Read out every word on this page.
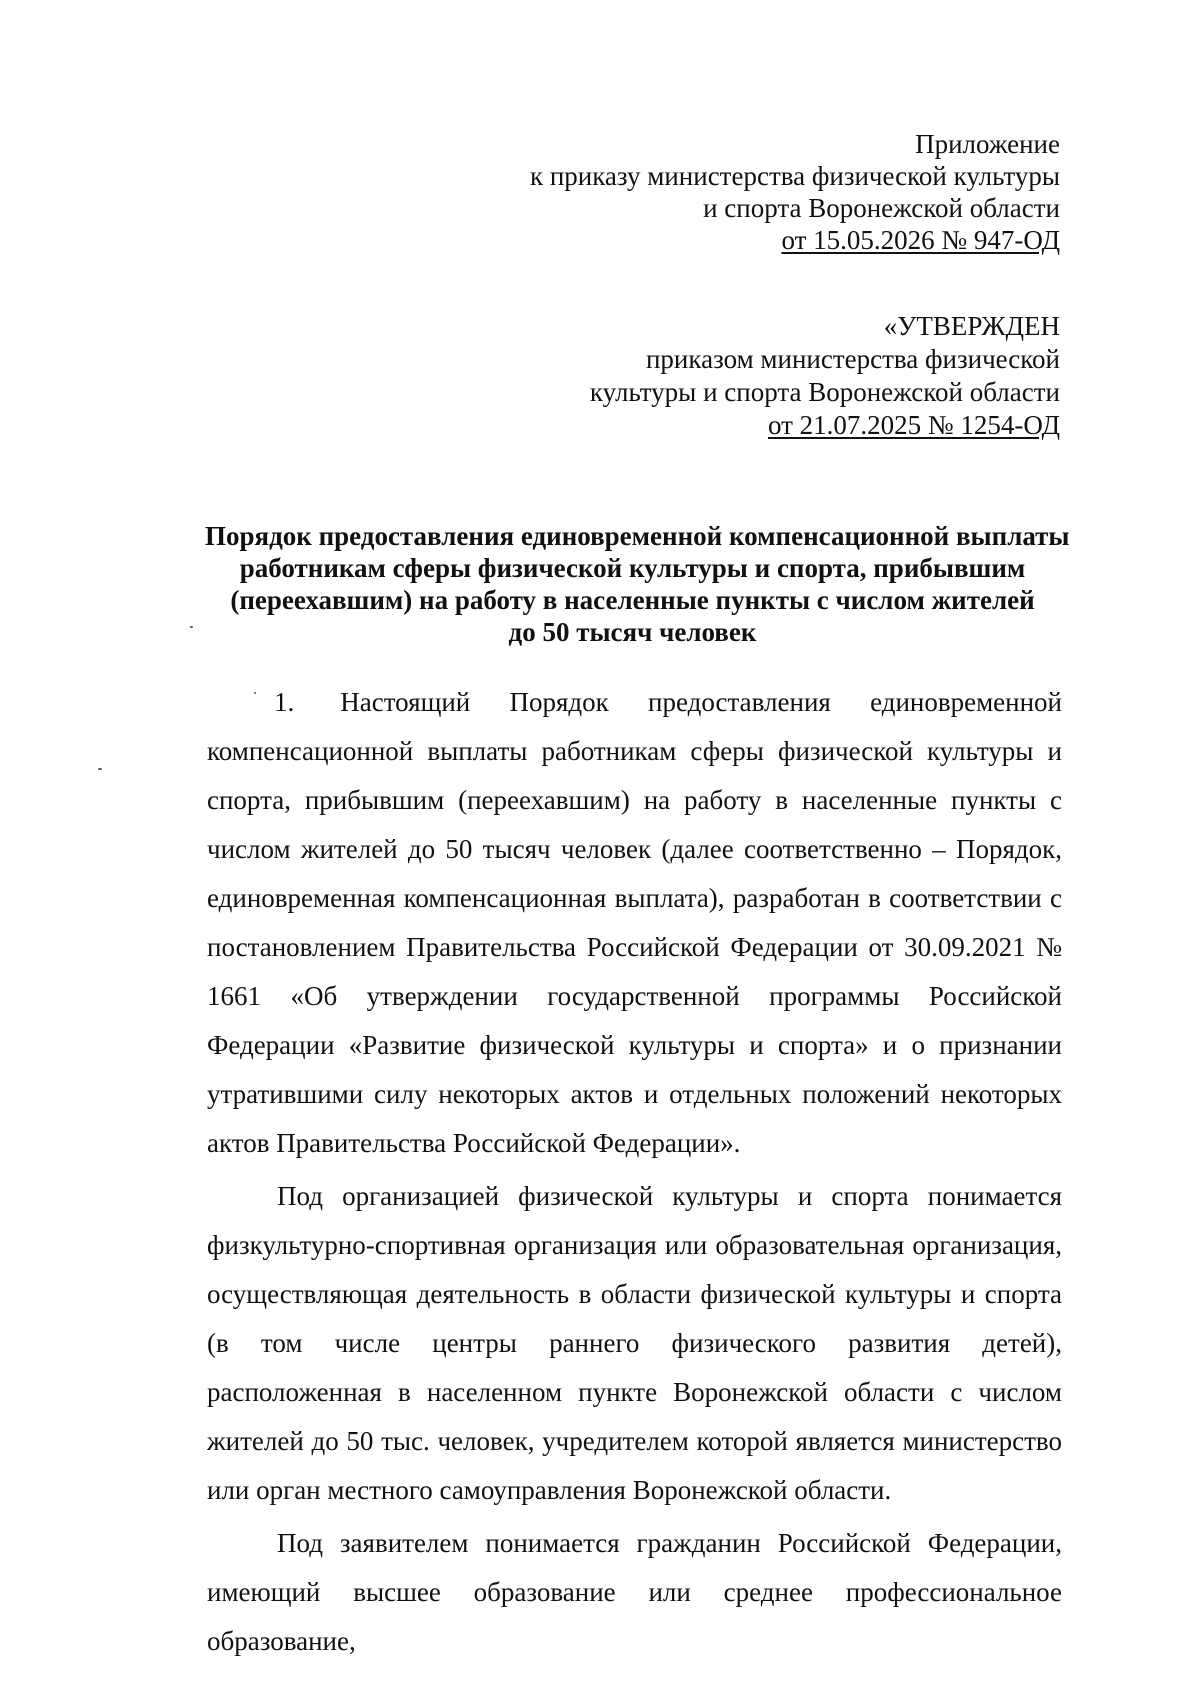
Приложение
к приказу министерства физической культуры
и спорта Воронежской области
от 15.05.2026 № 947-ОД
«УТВЕРЖДЕН
приказом министерства физической
культуры и спорта Воронежской области
от 21.07.2025 № 1254-ОД
Порядок предоставления единовременной компенсационной выплаты
работникам сферы физической культуры и спорта, прибывшим
(переехавшим) на работу в населенные пункты с числом жителей
до 50 тысяч человек

1. Настоящий Порядок предоставления единовременной компенсационной выплаты работникам сферы физической культуры и спорта, прибывшим (переехавшим) на работу в населенные пункты с числом жителей до 50 тысяч человек (далее соответственно – Порядок, единовременная компенсационная выплата), разработан в соответствии с постановлением Правительства Российской Федерации от 30.09.2021 № 1661 «Об утверждении государственной программы Российской Федерации «Развитие физической культуры и спорта» и о признании утратившими силу некоторых актов и отдельных положений некоторых актов Правительства Российской Федерации».

Под организацией физической культуры и спорта понимается физкультурно-спортивная организация или образовательная организация, осуществляющая деятельность в области физической культуры и спорта (в том числе центры раннего физического развития детей), расположенная в населенном пункте Воронежской области с числом жителей до 50 тыс. человек, учредителем которой является министерство или орган местного самоуправления Воронежской области.

Под заявителем понимается гражданин Российской Федерации, имеющий высшее образование или среднее профессиональное образование,
